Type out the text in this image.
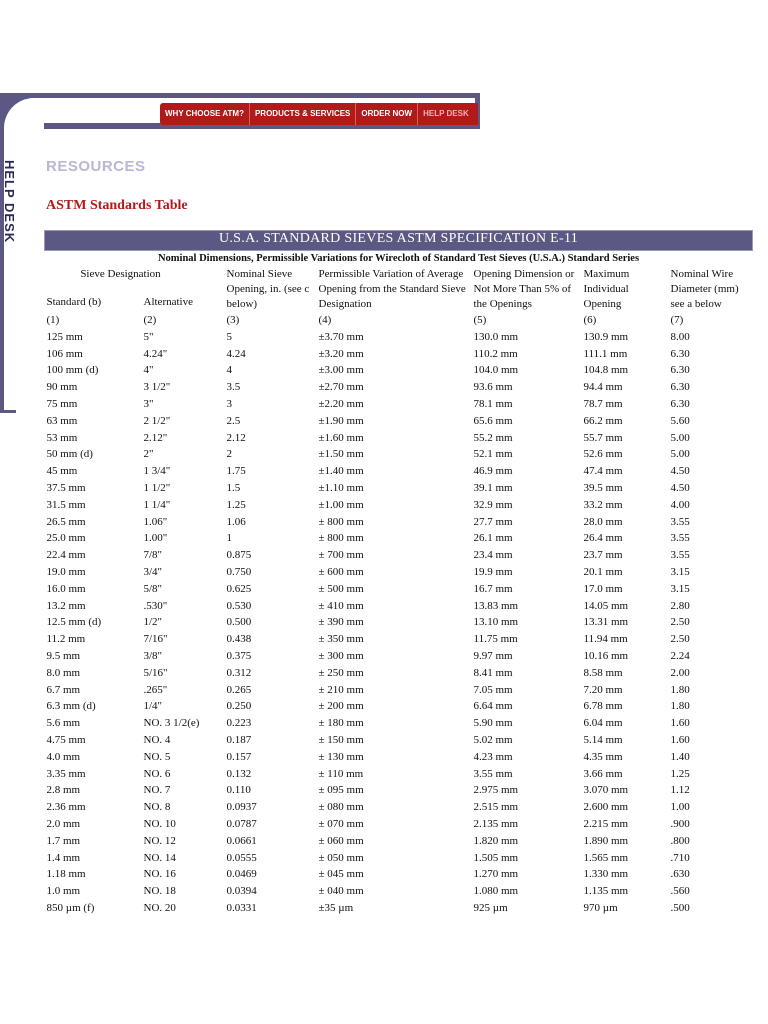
WHY CHOOSE ATM?	PRODUCTS & SERVICES	ORDER NOW	HELP DESK
HELP DESK RESOURCES
ASTM Standards Table
U.S.A. STANDARD SIEVES ASTM SPECIFICATION E-11						
Nominal Dimensions, Permissible Variations for Wirecloth of Standard Test Sieves (U.S.A.) Standard Series						
Sieve Designation		Nominal Sieve Opening, in. (see c below)	Permissible Variation of Average Opening from the Standard Sieve Designation	Opening Dimension or Not More Than 5% of the Openings	Maximum Individual Opening	Nominal Wire Diameter (mm) see a below
Standard (b)	Alternative					
(1)	(2)	(3)	(4)	(5)	(6)	(7)
125 mm	5"	5	±3.70 mm	130.0 mm	130.9 mm	8.00
106 mm	4.24"	4.24	±3.20 mm	110.2 mm	111.1 mm	6.30
100 mm (d)	4"	4	±3.00 mm	104.0 mm	104.8 mm	6.30
90 mm	3 1/2"	3.5	±2.70 mm	93.6 mm	94.4 mm	6.30
75 mm	3"	3	±2.20 mm	78.1 mm	78.7 mm	6.30
63 mm	2 1/2"	2.5	±1.90 mm	65.6 mm	66.2 mm	5.60
53 mm	2.12"	2.12	±1.60 mm	55.2 mm	55.7 mm	5.00
50 mm (d)	2"	2	±1.50 mm	52.1 mm	52.6 mm	5.00
45 mm	1 3/4"	1.75	±1.40 mm	46.9 mm	47.4 mm	4.50
37.5 mm	1 1/2"	1.5	±1.10 mm	39.1 mm	39.5 mm	4.50
31.5 mm	1 1/4"	1.25	±1.00 mm	32.9 mm	33.2 mm	4.00
26.5 mm	1.06"	1.06	± 800 mm	27.7 mm	28.0 mm	3.55
25.0 mm	1.00"	1	± 800 mm	26.1 mm	26.4 mm	3.55
22.4 mm	7/8"	0.875	± 700 mm	23.4 mm	23.7 mm	3.55
19.0 mm	3/4"	0.750	± 600 mm	19.9 mm	20.1 mm	3.15
16.0 mm	5/8"	0.625	± 500 mm	16.7 mm	17.0 mm	3.15
13.2 mm	.530"	0.530	± 410 mm	13.83 mm	14.05 mm	2.80
12.5 mm (d)	1/2"	0.500	± 390 mm	13.10 mm	13.31 mm	2.50
11.2 mm	7/16"	0.438	± 350 mm	11.75 mm	11.94 mm	2.50
9.5 mm	3/8"	0.375	± 300 mm	9.97 mm	10.16 mm	2.24
8.0 mm	5/16"	0.312	± 250 mm	8.41 mm	8.58 mm	2.00
6.7 mm	.265"	0.265	± 210 mm	7.05 mm	7.20 mm	1.80
6.3 mm (d)	1/4"	0.250	± 200 mm	6.64 mm	6.78 mm	1.80
5.6 mm	NO. 3 1/2(e)	0.223	± 180 mm	5.90 mm	6.04 mm	1.60
4.75 mm	NO. 4	0.187	± 150 mm	5.02 mm	5.14 mm	1.60
4.0 mm	NO. 5	0.157	± 130 mm	4.23 mm	4.35 mm	1.40
3.35 mm	NO. 6	0.132	± 110 mm	3.55 mm	3.66 mm	1.25
2.8 mm	NO. 7	0.110	± 095 mm	2.975 mm	3.070 mm	1.12
2.36 mm	NO. 8	0.0937	± 080 mm	2.515 mm	2.600 mm	1.00
2.0 mm	NO. 10	0.0787	± 070 mm	2.135 mm	2.215 mm	.900
1.7 mm	NO. 12	0.0661	± 060 mm	1.820 mm	1.890 mm	.800
1.4 mm	NO. 14	0.0555	± 050 mm	1.505 mm	1.565 mm	.710
1.18 mm	NO. 16	0.0469	± 045 mm	1.270 mm	1.330 mm	.630
1.0 mm	NO. 18	0.0394	± 040 mm	1.080 mm	1.135 mm	.560
850 µm (f)	NO. 20	0.0331	±35 µm	925 µm	970 µm	.500
